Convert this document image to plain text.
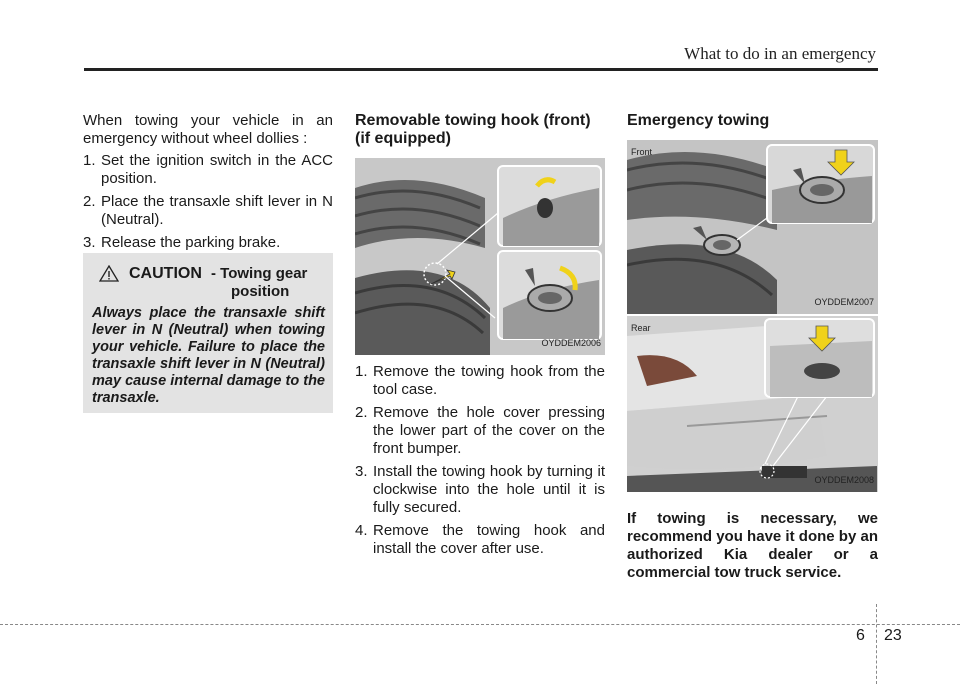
What to do in an emergency

When towing your vehicle in an emergency without wheel dollies :

1. Set the ignition switch in the ACC position.
2. Place the transaxle shift lever in N (Neutral).
3. Release the parking brake.
CAUTION - Towing gear
position
Always place the transaxle shift lever in N (Neutral) when towing your vehicle. Failure to place the transaxle shift lever in N (Neutral) may cause internal damage to the transaxle.
Removable towing hook (front)
(if equipped)
OYDDEM2006
1. Remove the towing hook from the tool case.
2. Remove the hole cover pressing the lower part of the cover on the front bumper.
3. Install the towing hook by turning it clockwise into the hole until it is fully secured.
4. Remove the towing hook and install the cover after use.
Emergency towing
Front
OYDDEM2007
Rear
OYDDEM2008

If towing is necessary, we recommend you have it done by an authorized Kia dealer or a commercial tow truck service.

6 23
